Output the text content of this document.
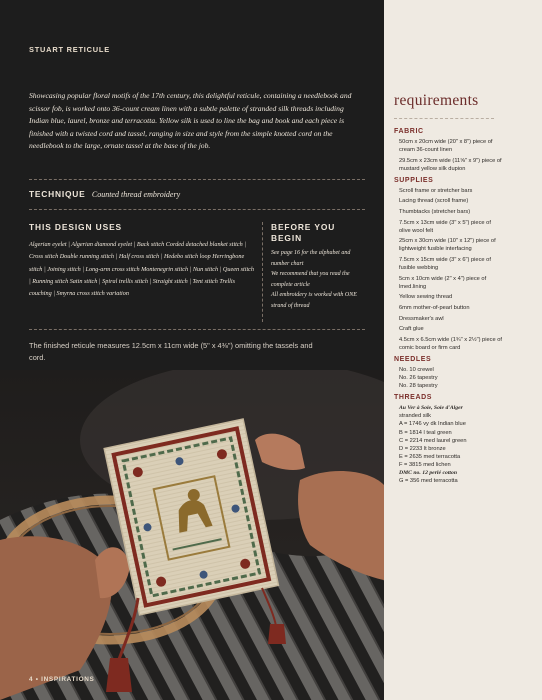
STUART RETICULE
Showcasing popular floral motifs of the 17th century, this delightful reticule, containing a needlebook and scissor fob, is worked onto 36-count cream linen with a subtle palette of stranded silk threads including Indian blue, laurel, bronze and terracotta. Yellow silk is used to line the bag and book and each piece is finished with a twisted cord and tassel, ranging in size and style from the simple knotted cord on the needlebook to the large, ornate tassel at the base of the job.
TECHNIQUE Counted thread embroidery
THIS DESIGN USES
Algerian eyelet | Algerian diamond eyelet | Back stitch Corded detached blanket stitch | Cross stitch Double running stitch | Half cross stitch | Hedebo stitch loop Herringbone stitch | Joining stitch | Long-arm cross stitch Montenegrin stitch | Nun stitch | Queen stitch | Running stitch Satin stitch | Spiral trellis stitch | Straight stitch | Tent stitch Trellis couching | Smyrna cross stitch variation
BEFORE YOU BEGIN

See page 16 for the alphabet and number chart

We recommend that you read the complete article

All embroidery is worked with ONE strand of thread

The finished reticule measures 12.5cm x 11cm wide (5" x 4⅜") omitting the tassels and cord.
4 • INSPIRATIONS
requirements
FABRIC
50cm x 20cm wide (20" x 8") piece of cream 36-count linen
29.5cm x 23cm wide (11⅝" x 9") piece of mustard yellow silk dupion
SUPPLIES
Scroll frame or stretcher bars
Lacing thread (scroll frame)
Thumbtacks (stretcher bars)
7.5cm x 13cm wide (3" x 5") piece of olive wool felt
25cm x 30cm wide (10" x 12") piece of lightweight fusible interfacing
7.5cm x 15cm wide (3" x 6") piece of fusible webbing
5cm x 10cm wide (2" x 4") piece of lmed.lining
Yellow sewing thread
6mm mother-of-pearl button
Dressmaker's awl
Craft glue
4.5cm x 6.5cm wide (1¾" x 2½") piece of comic board or firm card
NEEDLES
No. 10 crewel
No. 26 tapestry
No. 28 tapestry
THREADS
Au Ver à Soie, Soie d'Alger
stranded silk
A = 1746 vy dk Indian blue
B = 1814 l teal green
C = 2214 med laurel green
D = 2233 lt bronze
E = 2635 med terracotta
F = 3815 med lichen
DMC no. 12 perlé cotton
G = 356 med terracotta
